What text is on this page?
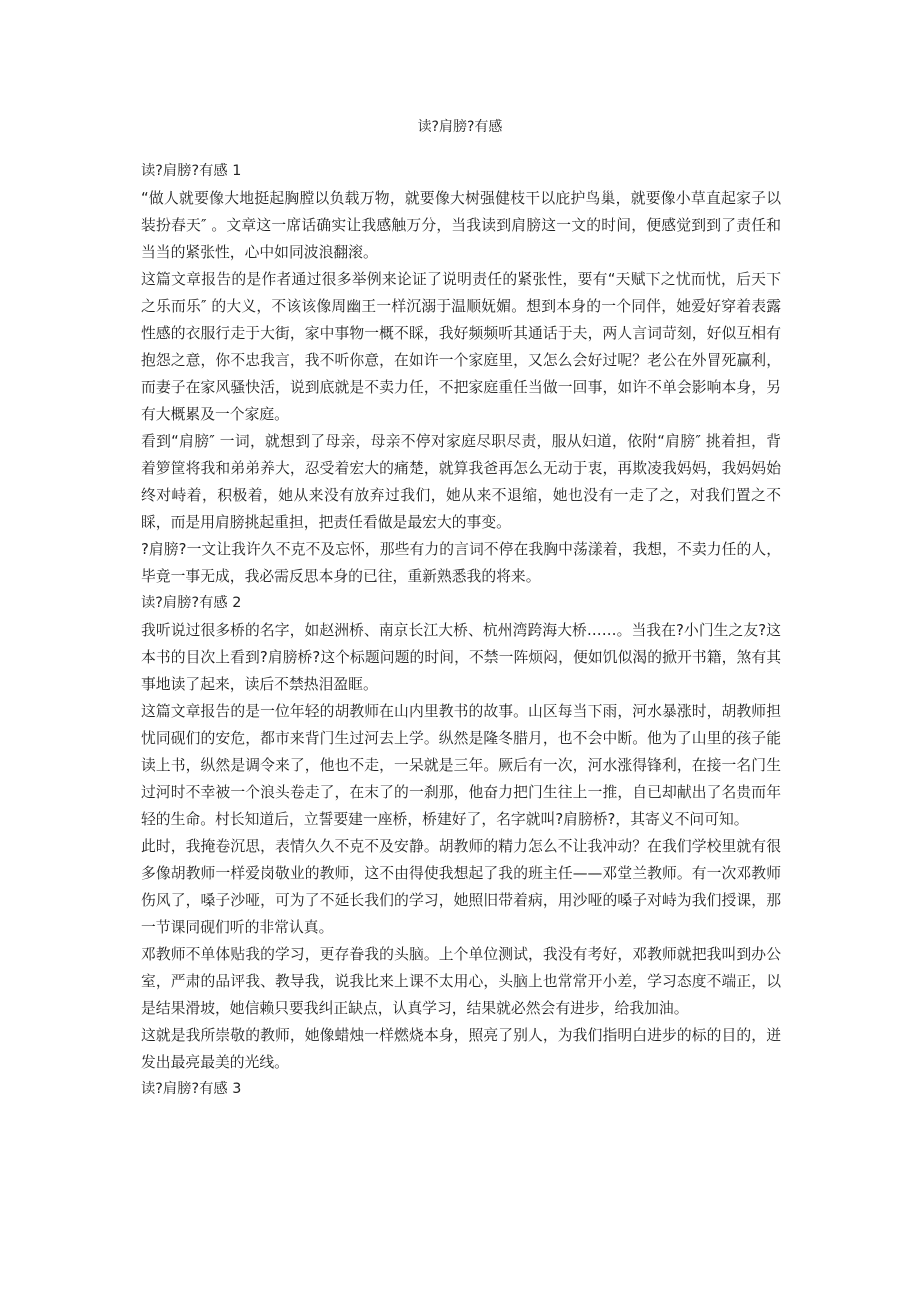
读?肩膀?有感

读?肩膀?有感 1

“做人就要像大地挺起胸膛以负载万物，就要像大树强健枝干以庇护鸟巢，就要像小草直起家子以装扮春天″ 。文章这一席话确实让我感触万分，当我读到肩膀这一文的时间，便感觉到到了责任和当当的紧张性，心中如同波浪翻滚。

这篇文章报告的是作者通过很多举例来论证了说明责任的紧张性，要有“天赋下之忧而忧，后天下之乐而乐″ 的大义，不该该像周幽王一样沉溺于温顺妩媚。想到本身的一个同伴，她爱好穿着表露性感的衣服行走于大街，家中事物一概不睬，我好频频听其通话于夫，两人言词苛刻，好似互相有抱怨之意，你不忠我言，我不听你意，在如许一个家庭里，又怎么会好过呢？老公在外冒死赢利，而妻子在家风骚快活，说到底就是不卖力任，不把家庭重任当做一回事，如许不单会影响本身，另有大概累及一个家庭。

看到“肩膀″ 一词，就想到了母亲，母亲不停对家庭尽职尽责，服从妇道，依附“肩膀″ 挑着担，背着箩筐将我和弟弟养大，忍受着宏大的痛楚，就算我爸再怎么无动于衷，再欺凌我妈妈，我妈妈始终对峙着，积极着，她从来没有放弃过我们，她从来不退缩，她也没有一走了之，对我们置之不睬，而是用肩膀挑起重担，把责任看做是最宏大的事变。

?肩膀?一文让我许久不克不及忘怀，那些有力的言词不停在我胸中荡漾着，我想，不卖力任的人，毕竟一事无成，我必需反思本身的已往，重新熟悉我的将来。

读?肩膀?有感 2

我听说过很多桥的名字，如赵洲桥、南京长江大桥、杭州湾跨海大桥……。当我在?小门生之友?这本书的目次上看到?肩膀桥?这个标题问题的时间，不禁一阵烦闷，便如饥似渴的掀开书籍，煞有其事地读了起来，读后不禁热泪盈眶。

这篇文章报告的是一位年轻的胡教师在山内里教书的故事。山区每当下雨，河水暴涨时，胡教师担忧同砚们的安危，都市来背门生过河去上学。纵然是隆冬腊月，也不会中断。他为了山里的孩子能读上书，纵然是调令来了，他也不走，一呆就是三年。厥后有一次，河水涨得锋利，在接一名门生过河时不幸被一个浪头卷走了，在末了的一刹那，他奋力把门生往上一推，自已却献出了名贵而年轻的生命。村长知道后，立誓要建一座桥，桥建好了，名字就叫?肩膀桥?，其寄义不问可知。

此时，我掩卷沉思，表情久久不克不及安静。胡教师的精力怎么不让我冲动？在我们学校里就有很多像胡教师一样爱岗敬业的教师，这不由得使我想起了我的班主任——邓堂兰教师。有一次邓教师伤风了，嗓子沙哑，可为了不延长我们的学习，她照旧带着病，用沙哑的嗓子对峙为我们授课，那一节课同砚们听的非常认真。

邓教师不单体贴我的学习，更存眷我的头脑。上个单位测试，我没有考好，邓教师就把我叫到办公室，严肃的品评我、教导我，说我比来上课不太用心，头脑上也常常开小差，学习态度不端正，以是结果滑坡，她信赖只要我纠正缺点，认真学习，结果就必然会有进步，给我加油。

这就是我所崇敬的教师，她像蜡烛一样燃烧本身，照亮了别人，为我们指明白进步的标的目的，迸发出最亮最美的光线。

读?肩膀?有感 3
